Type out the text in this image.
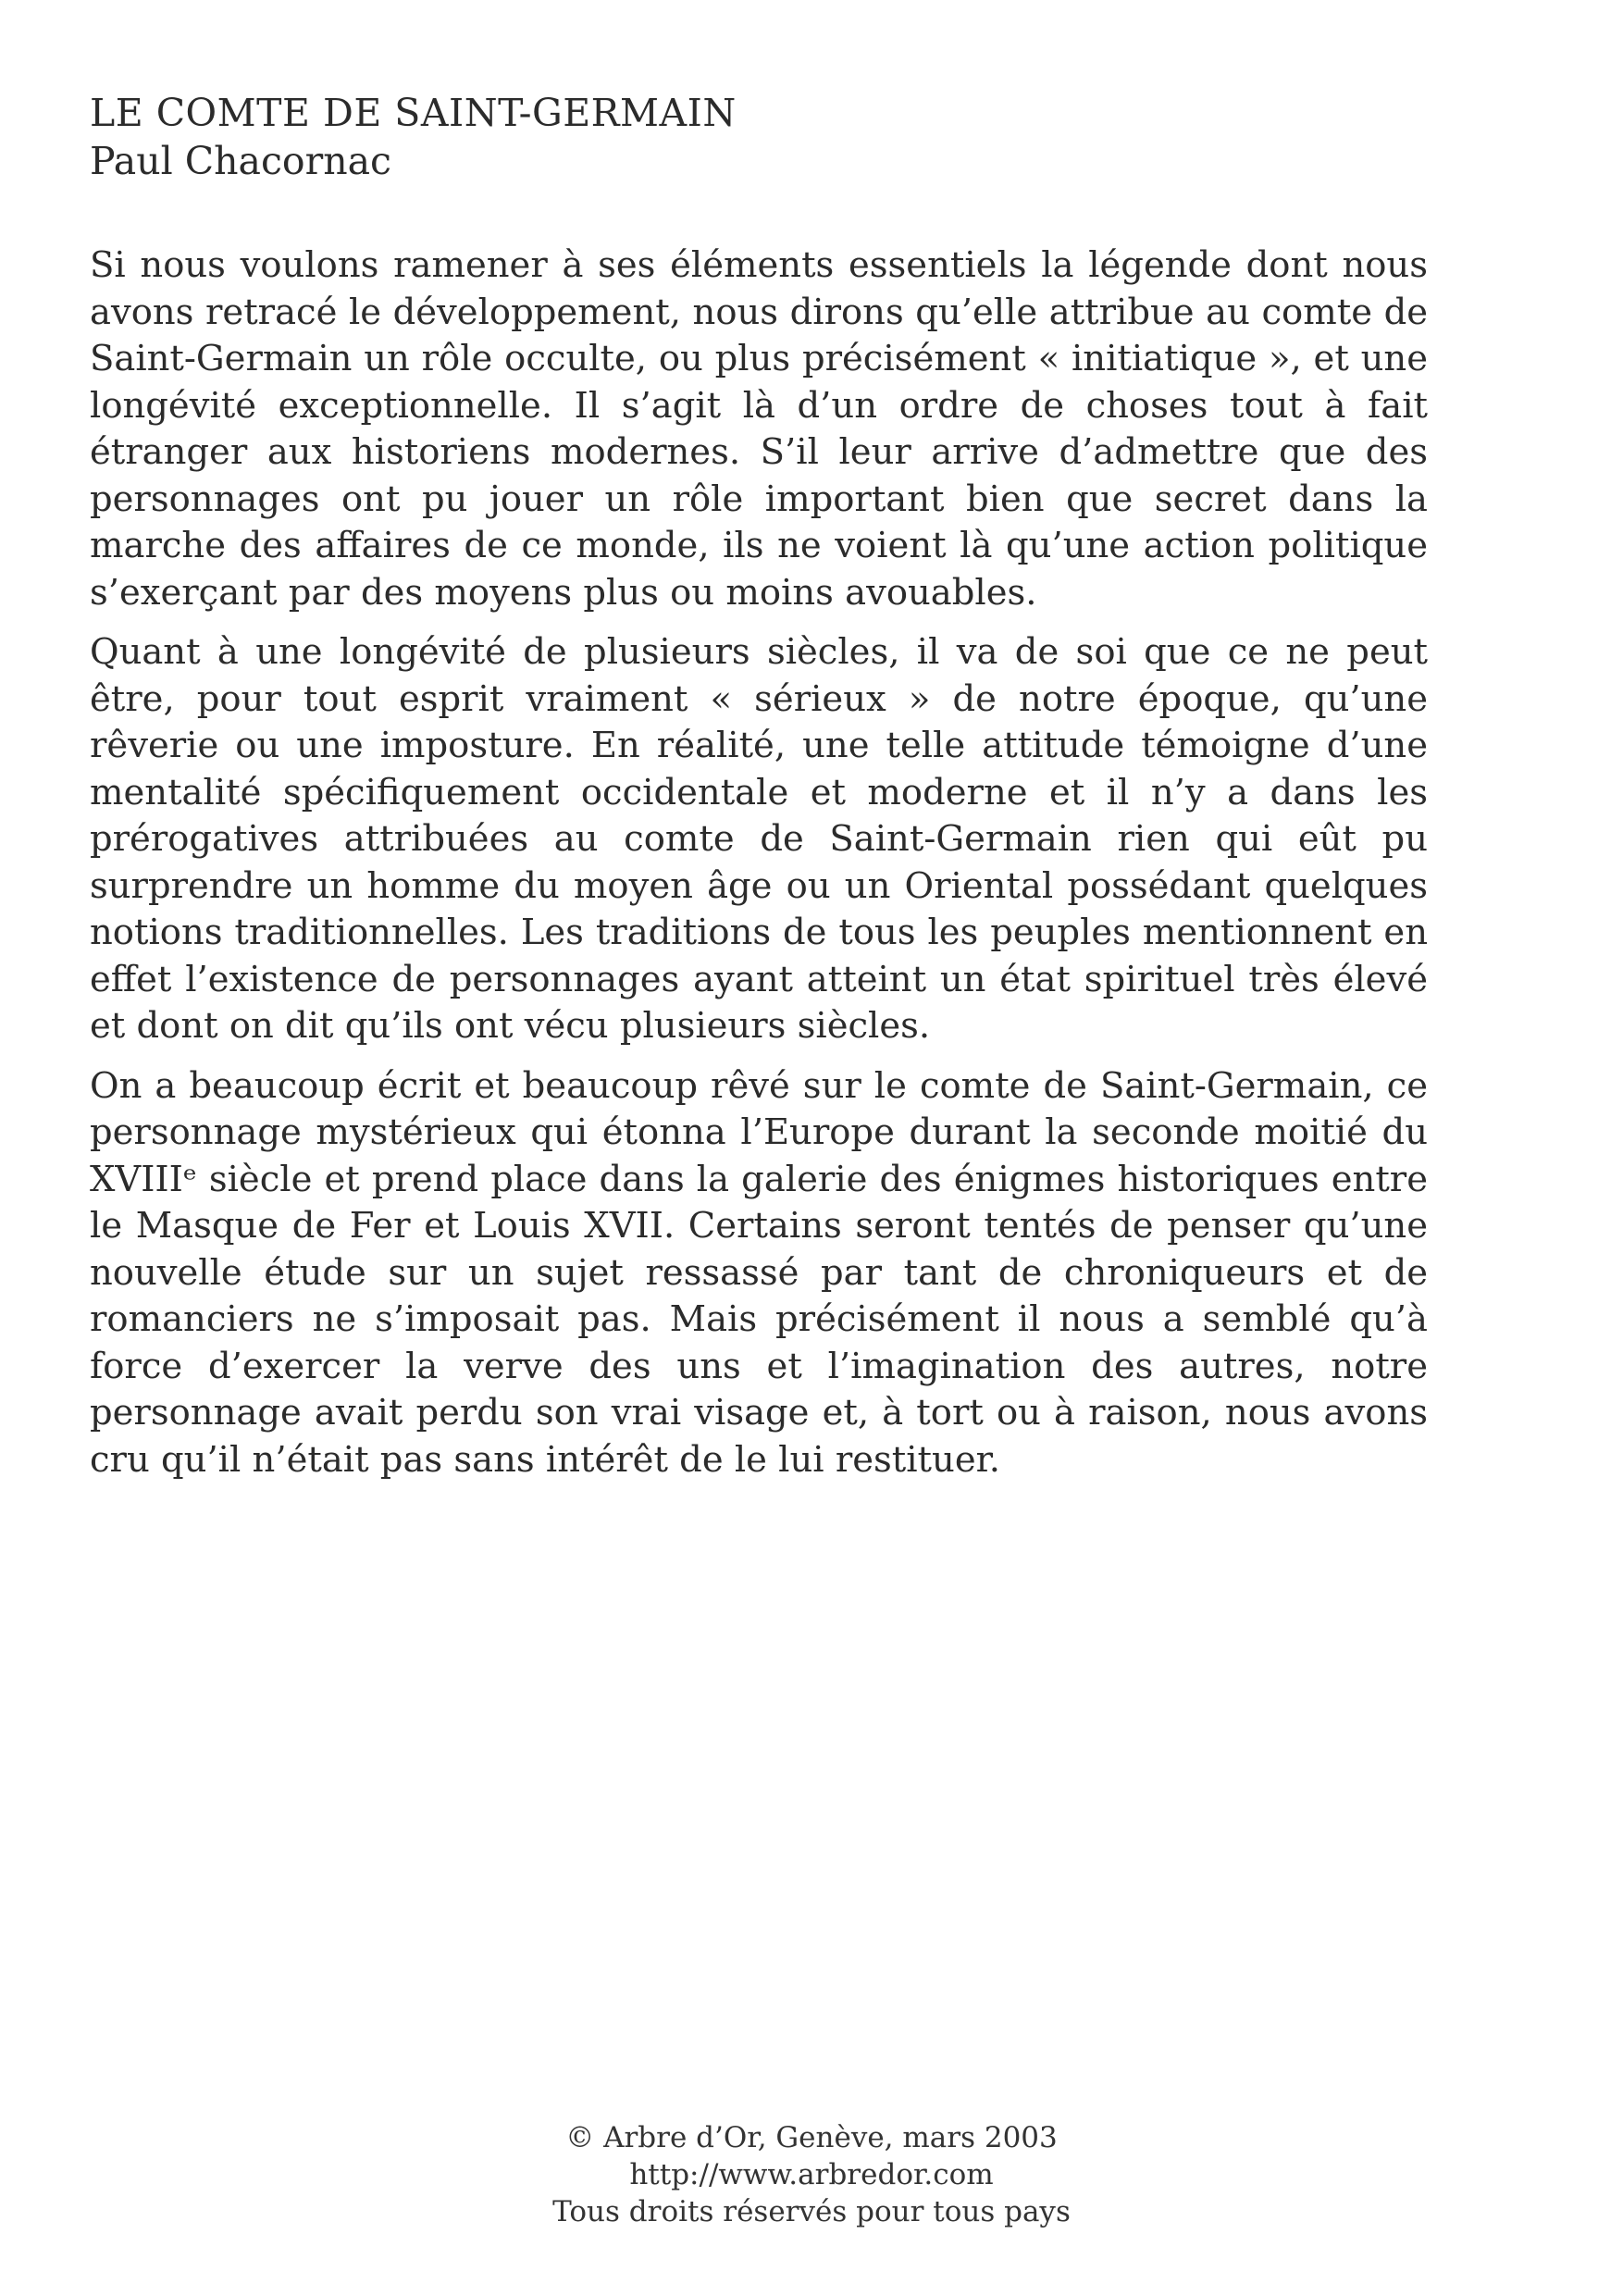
LE COMTE DE SAINT-GERMAIN
Paul Chacornac

Si nous voulons ramener à ses éléments essentiels la légende dont nous avons retracé le développement, nous dirons qu’elle attribue au comte de Saint-Germain un rôle occulte, ou plus précisément « initiatique », et une longévité exceptionnelle. Il s’agit là d’un ordre de choses tout à fait étranger aux historiens modernes. S’il leur arrive d’admettre que des personnages ont pu jouer un rôle important bien que secret dans la marche des affaires de ce monde, ils ne voient là qu’une action politique s’exerçant par des moyens plus ou moins avouables.

Quant à une longévité de plusieurs siècles, il va de soi que ce ne peut être, pour tout esprit vraiment « sérieux » de notre époque, qu’une rêverie ou une imposture. En réalité, une telle attitude témoigne d’une mentalité spécifiquement occidentale et moderne et il n’y a dans les prérogatives attribuées au comte de Saint-Germain rien qui eût pu surprendre un homme du moyen âge ou un Oriental possédant quelques notions traditionnelles. Les traditions de tous les peuples mentionnent en effet l’existence de personnages ayant atteint un état spirituel très élevé et dont on dit qu’ils ont vécu plusieurs siècles.

On a beaucoup écrit et beaucoup rêvé sur le comte de Saint-Germain, ce personnage mystérieux qui étonna l’Europe durant la seconde moitié du XVIIIᵉ siècle et prend place dans la galerie des énigmes historiques entre le Masque de Fer et Louis XVII. Certains seront tentés de penser qu’une nouvelle étude sur un sujet ressassé par tant de chroniqueurs et de romanciers ne s’imposait pas. Mais précisément il nous a semblé qu’à force d’exercer la verve des uns et l’imagination des autres, notre personnage avait perdu son vrai visage et, à tort ou à raison, nous avons cru qu’il n’était pas sans intérêt de le lui restituer.

© Arbre d’Or, Genève, mars 2003
http://www.arbredor.com
Tous droits réservés pour tous pays
